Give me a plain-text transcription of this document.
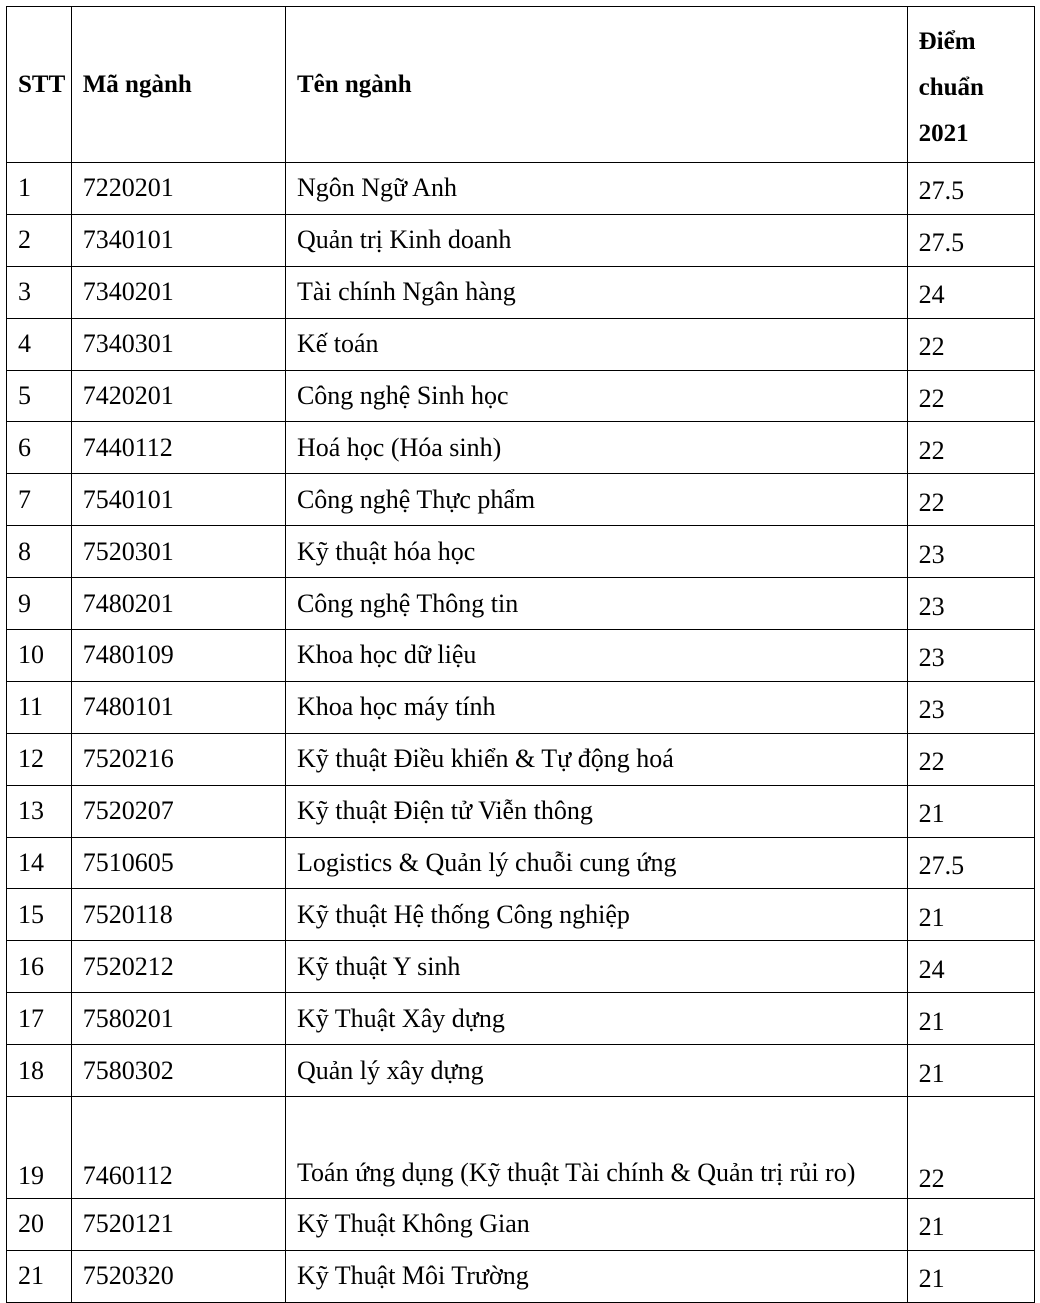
STT	Mã ngành	Tên ngành	Điểm
chuẩn
2021
1	7220201	Ngôn Ngữ Anh	27.5
2	7340101	Quản trị Kinh doanh	27.5
3	7340201	Tài chính Ngân hàng	24
4	7340301	Kế toán	22
5	7420201	Công nghệ Sinh học	22
6	7440112	Hoá học (Hóa sinh)	22
7	7540101	Công nghệ Thực phẩm	22
8	7520301	Kỹ thuật hóa học	23
9	7480201	Công nghệ Thông tin	23
10	7480109	Khoa học dữ liệu	23
11	7480101	Khoa học máy tính	23
12	7520216	Kỹ thuật Điều khiển & Tự động hoá	22
13	7520207	Kỹ thuật Điện tử Viễn thông	21
14	7510605	Logistics & Quản lý chuỗi cung ứng	27.5
15	7520118	Kỹ thuật Hệ thống Công nghiệp	21
16	7520212	Kỹ thuật Y sinh	24
17	7580201	Kỹ Thuật Xây dựng	21
18	7580302	Quản lý xây dựng	21
19	7460112	Toán ứng dụng (Kỹ thuật Tài chính & Quản trị rủi ro)	22
20	7520121	Kỹ Thuật Không Gian	21
21	7520320	Kỹ Thuật Môi Trường	21
